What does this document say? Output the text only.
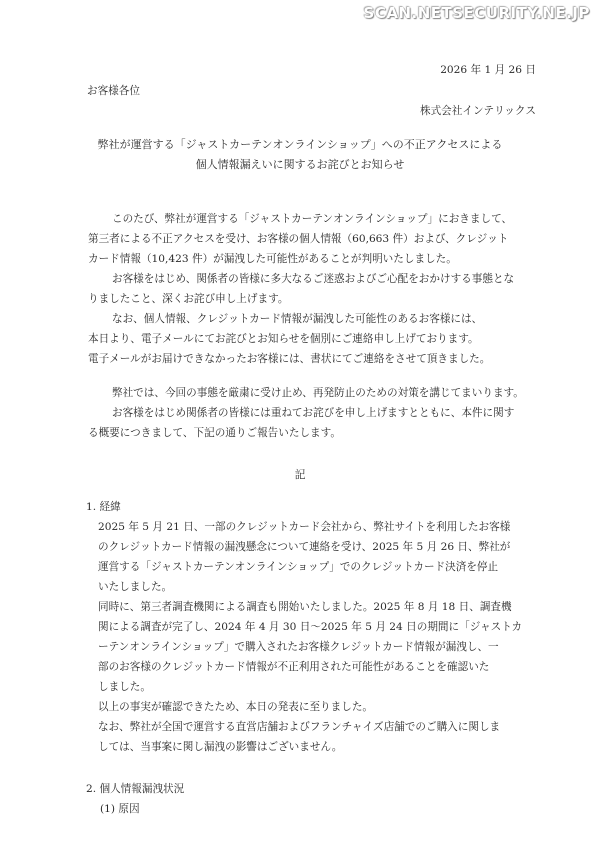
SCAN.NETSECURITY.NE.JP
2026 年 1 月 26 日
お客様各位
株式会社インテリックス
弊社が運営する「ジャストカーテンオンラインショップ」への不正アクセスによる
個人情報漏えいに関するお詫びとお知らせ
このたび、弊社が運営する「ジャストカーテンオンラインショップ」におきまして、
第三者による不正アクセスを受け、お客様の個人情報（60,663 件）および、クレジット
カード情報（10,423 件）が漏洩した可能性があることが判明いたしました。
お客様をはじめ、関係者の皆様に多大なるご迷惑およびご心配をおかけする事態とな
りましたこと、深くお詫び申し上げます。
なお、個人情報、クレジットカード情報が漏洩した可能性のあるお客様には、
本日より、電子メールにてお詫びとお知らせを個別にご連絡申し上げております。
電子メールがお届けできなかったお客様には、書状にてご連絡をさせて頂きました。
弊社では、今回の事態を厳粛に受け止め、再発防止のための対策を講じてまいります。
お客様をはじめ関係者の皆様には重ねてお詫びを申し上げますとともに、本件に関す
る概要につきまして、下記の通りご報告いたします。
記
1. 経緯
2025 年 5 月 21 日、一部のクレジットカード会社から、弊社サイトを利用したお客様
のクレジットカード情報の漏洩懸念について連絡を受け、2025 年 5 月 26 日、弊社が
運営する「ジャストカーテンオンラインショップ」でのクレジットカード決済を停止
いたしました。
同時に、第三者調査機関による調査も開始いたしました。2025 年 8 月 18 日、調査機
関による調査が完了し、2024 年 4 月 30 日～2025 年 5 月 24 日の期間に「ジャストカ
ーテンオンラインショップ」で購入されたお客様クレジットカード情報が漏洩し、一
部のお客様のクレジットカード情報が不正利用された可能性があることを確認いた
しました。
以上の事実が確認できたため、本日の発表に至りました。
なお、弊社が全国で運営する直営店舗およびフランチャイズ店舗でのご購入に関しま
しては、当事案に関し漏洩の影響はございません。
2. 個人情報漏洩状況
(1) 原因
